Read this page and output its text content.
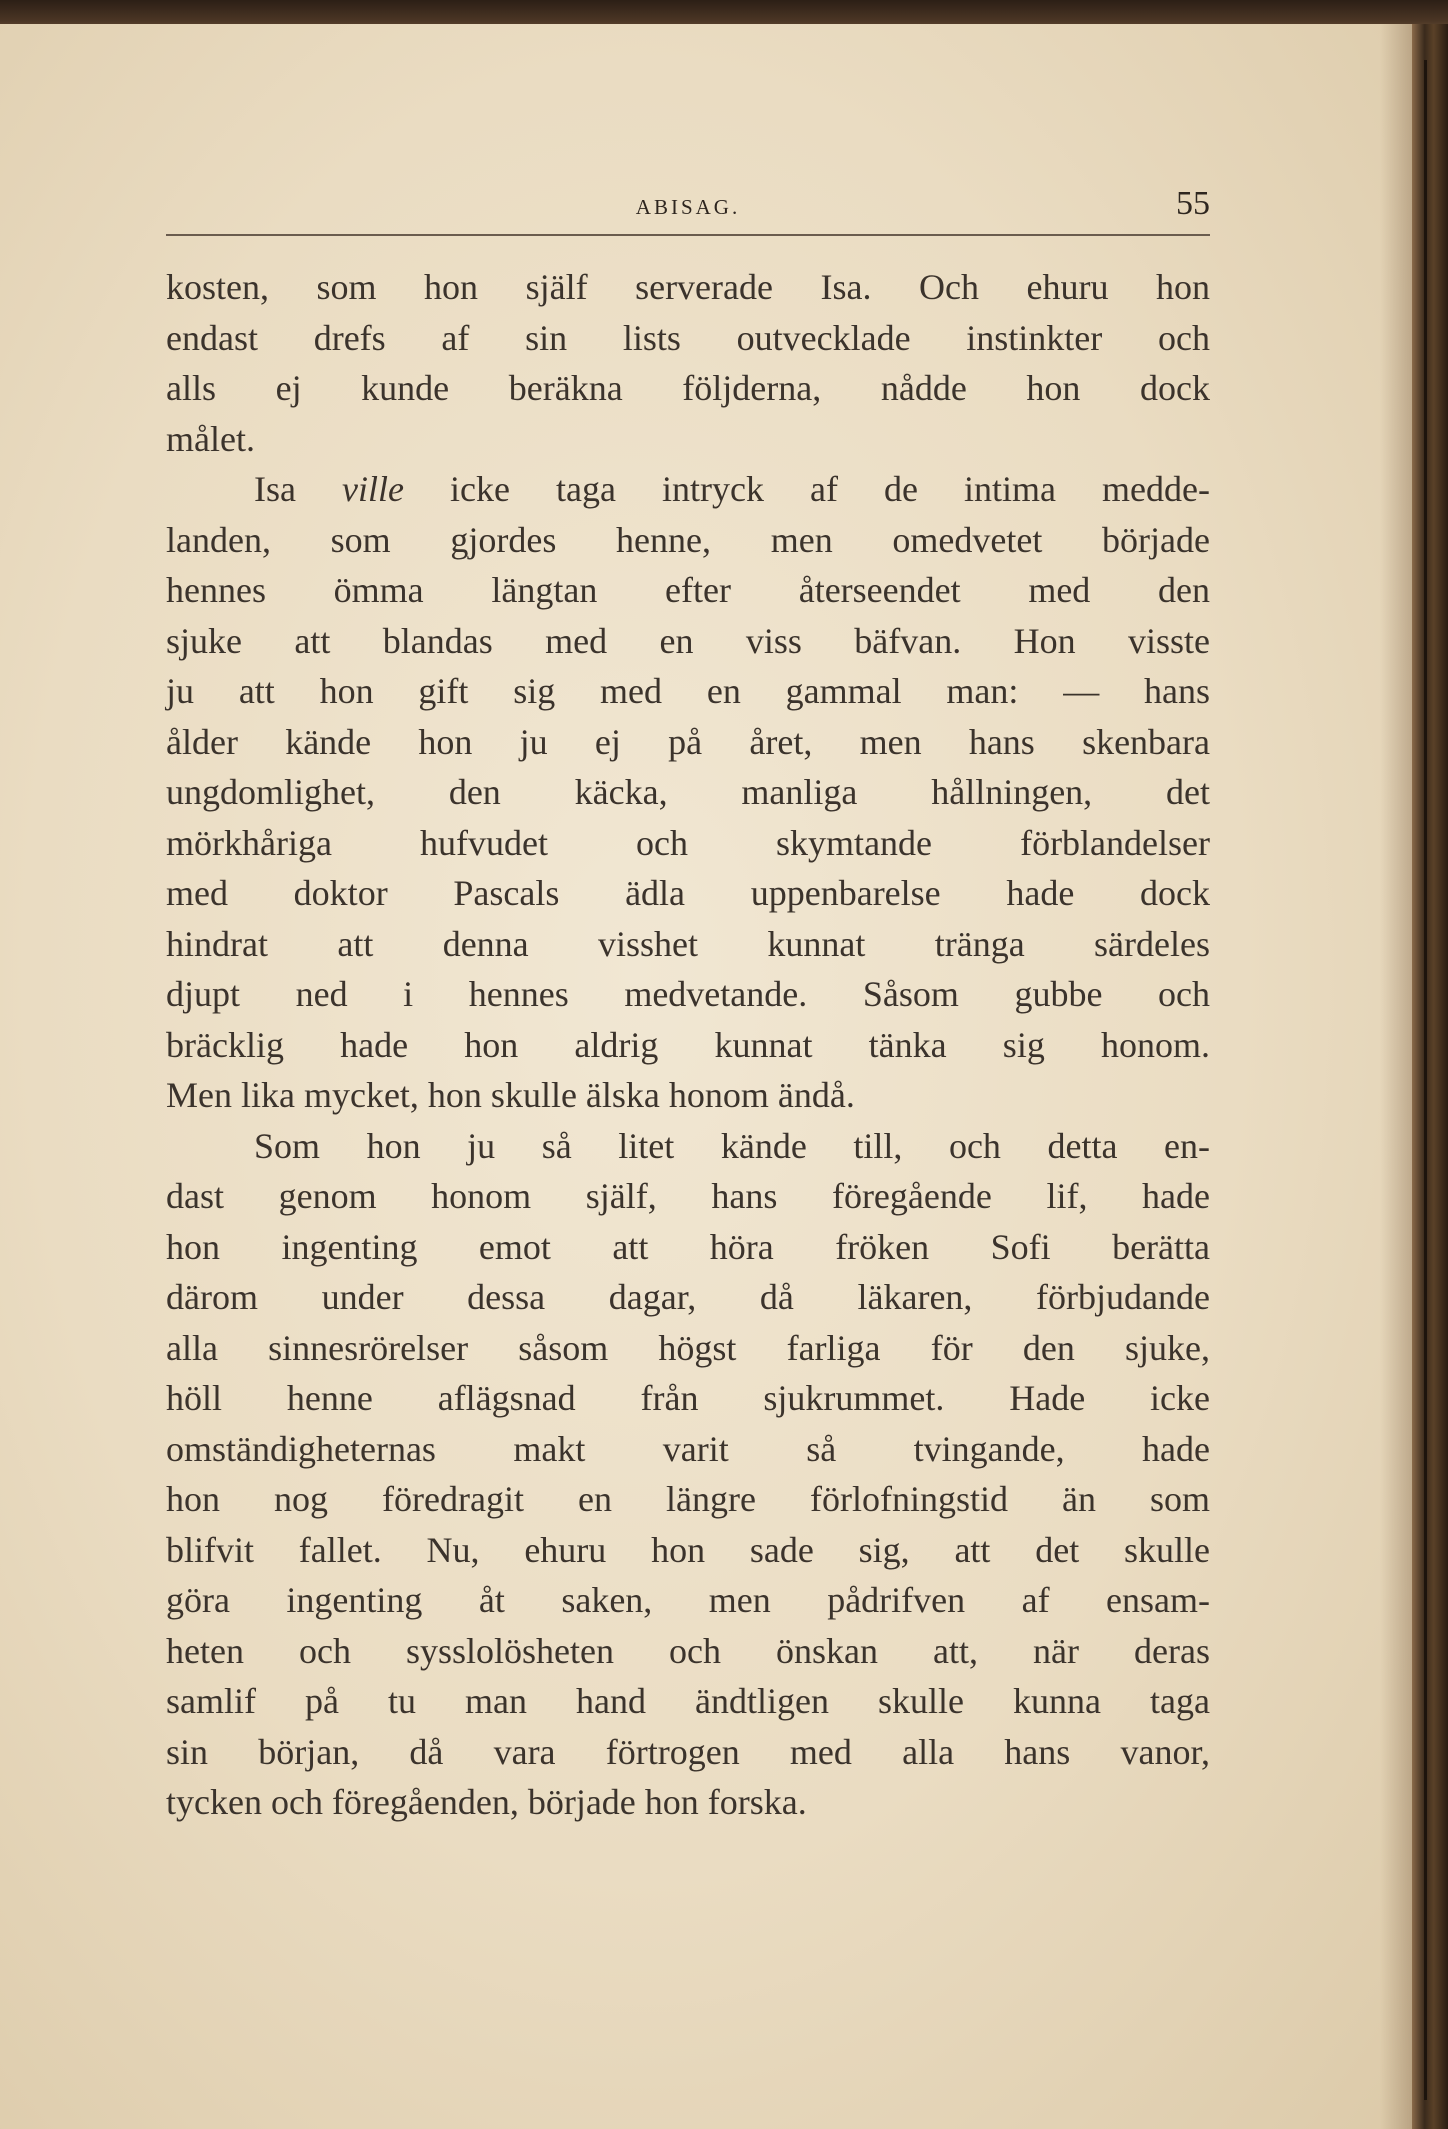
ABISAG.	55
kosten, som hon själf serverade Isa. Och ehuru hon
endast drefs af sin lists outvecklade instinkter och
alls ej kunde beräkna följderna, nådde hon dock
målet.
Isa ville icke taga intryck af de intima medde-
landen, som gjordes henne, men omedvetet började
hennes ömma längtan efter återseendet med den
sjuke att blandas med en viss bäfvan. Hon visste
ju att hon gift sig med en gammal man: — hans
ålder kände hon ju ej på året, men hans skenbara
ungdomlighet, den käcka, manliga hållningen, det
mörkhåriga hufvudet och skymtande förblandelser
med doktor Pascals ädla uppenbarelse hade dock
hindrat att denna visshet kunnat tränga särdeles
djupt ned i hennes medvetande. Såsom gubbe och
bräcklig hade hon aldrig kunnat tänka sig honom.
Men lika mycket, hon skulle älska honom ändå.
Som hon ju så litet kände till, och detta en-
dast genom honom själf, hans föregående lif, hade
hon ingenting emot att höra fröken Sofi berätta
därom under dessa dagar, då läkaren, förbjudande
alla sinnesrörelser såsom högst farliga för den sjuke,
höll henne aflägsnad från sjukrummet. Hade icke
omständigheternas makt varit så tvingande, hade
hon nog föredragit en längre förlofningstid än som
blifvit fallet. Nu, ehuru hon sade sig, att det skulle
göra ingenting åt saken, men pådrifven af ensam-
heten och sysslolösheten och önskan att, när deras
samlif på tu man hand ändtligen skulle kunna taga
sin början, då vara förtrogen med alla hans vanor,
tycken och föregåenden, började hon forska.
